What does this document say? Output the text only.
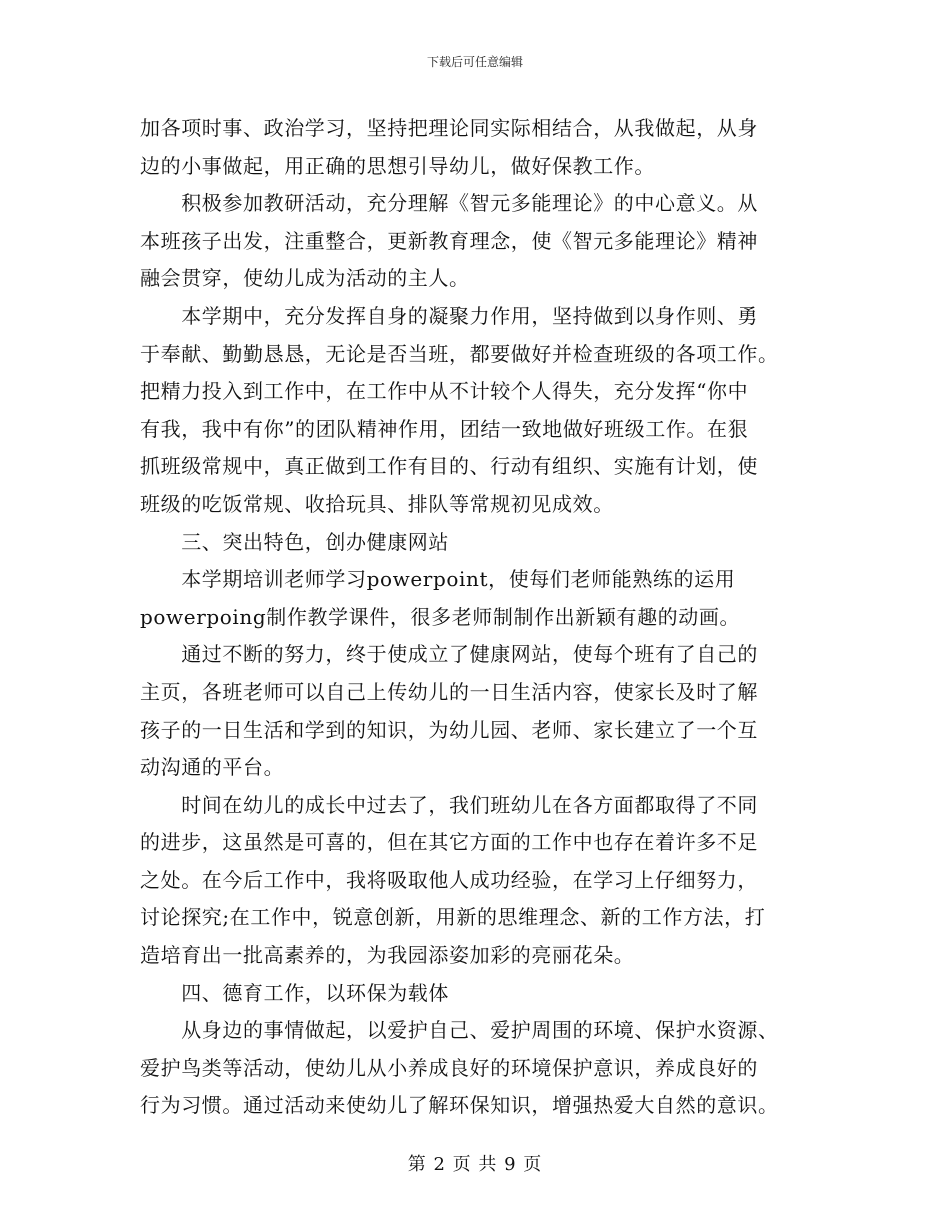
下载后可任意编辑

加各项时事、政治学习，坚持把理论同实际相结合，从我做起，从身
边的小事做起，用正确的思想引导幼儿，做好保教工作。

　　积极参加教研活动，充分理解《智元多能理论》的中心意义。从
本班孩子出发，注重整合，更新教育理念，使《智元多能理论》精神
融会贯穿，使幼儿成为活动的主人。

　　本学期中，充分发挥自身的凝聚力作用，坚持做到以身作则、勇
于奉献、勤勤恳恳，无论是否当班，都要做好并检查班级的各项工作。
把精力投入到工作中，在工作中从不计较个人得失，充分发挥“你中
有我，我中有你”的团队精神作用，团结一致地做好班级工作。在狠
抓班级常规中，真正做到工作有目的、行动有组织、实施有计划，使
班级的吃饭常规、收拾玩具、排队等常规初见成效。

　　三、突出特色，创办健康网站

　　本学期培训老师学习powerpoint，使每们老师能熟练的运用
powerpoing制作教学课件，很多老师制制作出新颖有趣的动画。

　　通过不断的努力，终于使成立了健康网站，使每个班有了自己的
主页，各班老师可以自己上传幼儿的一日生活内容，使家长及时了解
孩子的一日生活和学到的知识，为幼儿园、老师、家长建立了一个互
动沟通的平台。

　　时间在幼儿的成长中过去了，我们班幼儿在各方面都取得了不同
的进步，这虽然是可喜的，但在其它方面的工作中也存在着许多不足
之处。在今后工作中，我将吸取他人成功经验，在学习上仔细努力，
讨论探究;在工作中，锐意创新，用新的思维理念、新的工作方法，打
造培育出一批高素养的，为我园添姿加彩的亮丽花朵。

　　四、德育工作，以环保为载体

　　从身边的事情做起，以爱护自己、爱护周围的环境、保护水资源、
爱护鸟类等活动，使幼儿从小养成良好的环境保护意识，养成良好的
行为习惯。通过活动来使幼儿了解环保知识，增强热爱大自然的意识。

第 2 页 共 9 页
